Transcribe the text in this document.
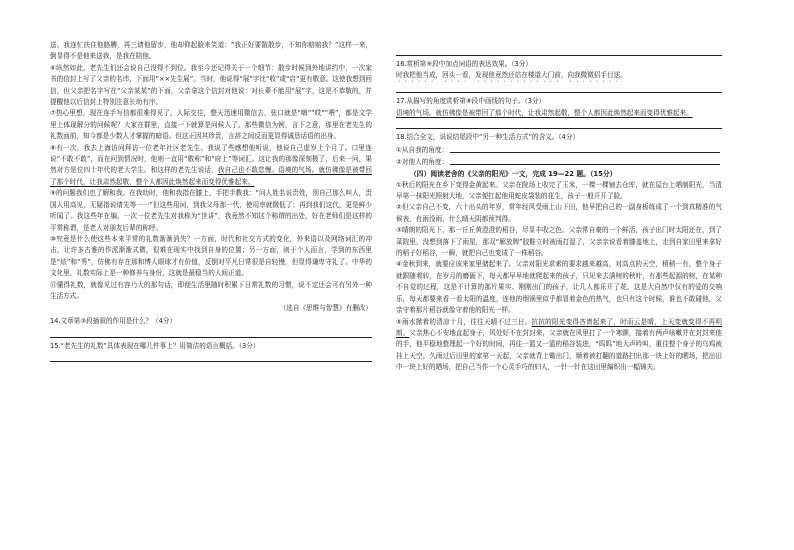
送。我连忙扶住他胳膊，再三请他留步，他却仰起脸来笑道：“我正好要散散步，不知你赔赔我？”这样一来，倒显得不是他来送我，是我在陪他。

⑥纵然如此，老先生们还会说自己没得不到位。我至今还记得关于一个细节：散步时候到外地讲约中，一次家书的信封上写了父亲的名讳，下面用“××先生展”。当时，他说得“展”字比“收”或“启”更有敬意。这使我想到回信，但父亲把名字写在“父亲某某”的下面，父亲拿这个信封对他说：对长辈不能用“展”字，这是不恭敬的，并提醒他以后信封上特别注意长幼有序。

⑦热心里想，现在连手写信都很难得见了，人际交往，整天迅速用微信去，张口就是“嗨”“哎”“喂”，都是文学里上体现解分的问候呢？大家在群里，直接一下就算是问候人了。那些微信为例，言下之意，那里在老先生的礼数面前，知今都是少数人才掌握的暗语。但这正因其珍贵，言辞之间反而更显得诚恳话语的出身。

⑧有一次，我去上海访问拜访一位老年社区老先生。我说了些感想他听说，他说自己虚岁上个月了。口里连说“不敢不敢”，而在问到情况时，他则一直用“敬称”和“府上”等词汇。这让我的那像深刻极了，后来一问，果然对方是位四十年代的老大学生。和这样的老先生说话，我自己也不敢怠慢。语境的气场。就仿佛像是被带回了那个时代，让我肃然起敬，整个人都因此焕然起来而变得优雅起来。

⑨的问题我们也了解和我。在我幼时，他和我指在膝上，手把手教我：“问人姓名说贵姓，别自己那么叫人，贵国人用高见，无疑指说请先等一一”但这些用词，到我父母那一代，使用率就微低了；再到我们这代，更是鲜少听闻了。我这些年在编，一次一位老先生对我称为“世讲”，我竟然不知这个称谓的出处，好在老师们是这样的平常称谓，是老人对朋友后辈的称呼。

⑩究竟是什么使这些本来平常的礼数渐渐消失？一方面，时代和社交方式的变化，外来语以及网络词汇的冲击，让许多古雅的作派渐渐式微，很难在现实中找到自身的位置；另一方面，则于个人而言，学到的东西里是“炫”和“秀”，仿佛有存在那和博人眼球才有价值，反倒对平凡日常很是自轻慢，但显得谦卑守礼了。中华的文化里，礼数实际上是一种修养与身份，这就是最稳当的人间正道。

⑪懂得礼数，就像见过有容乃大的那句话，即便生活里随时积累下日常礼数的习惯，说不定还会可有另外一种生活方式。

（选自《思维与智慧》有删改）

14.文章第③段插叙的作用是什么？（4分）

15.“老先生的礼数”具体表现在哪几件事上？用简洁的语言概括。（3分）

16.赏析第⑨段中加点词语的表达效果。（3分）

时我把他当成，回头一看，发现他竟然还站在楼道大门前，向我微微招手目送。

17.从描写的角度赏析第⑧段中画线的句子。（3分）

语境的气场。就仿佛像是被带回了那个时代，让我肃然起敬，整个人都因此焕然起来而变得优雅起来。

18.结合全文，说说结尾段中“另一种生活方式”的含义。（4分）

①从自我的角度：
②对他人的角度：

（四）阅读老舍的《父亲的阳光》一文，完成 19—22 题。（15分）

①秋后的阳光在乡下变得金黄起来。父亲在院场上收完了玉米，一棵一棵铺去仓库，就在屋台上晒制阳光，当清早第一抹阳光照射大地，父亲便扛起他用蛇皮袋装的花生，孩子一般开开了脸。

②但父亲自己不变，六十出头的年岁，常年经风受雨上山下田，他早把自己的一副身板练成了一个到真精准的气候表，有雨没雨，什么晴天阴都预判得。

③晴朗的阳光下，那一丘丘黄澄澄的稻谷，尽显丰收之色。父亲常自豪的一个鲜活，孩子出门时太阳还在，到了菜院里，没想到落下了雨星，那双“解放牌”胶鞋立时被雨打湿了，父亲亲说看着膝盖地上，走到自家田里来拿好的稻子好稻谷，一瞬，就把自己也变成了一株稻谷。

④金秋到来，就要应该来家里储起来了。父亲对阳光求索的要求越来越高，对高点的天空，稍稍一有，整个身子就跟随着转，在岁月的磨砺下，每天都早早地就爬起来的孩子，只见来去满树的秋叶，有那些起源的树，在某种不自觉的过程，这是不计算的那片果实、刚刚出门的孩子，让几人都乐开了花，这是大自然中仅有的爱的交响乐，每天都要来看一看太阳的温度，连他的烟锅里似乎都冒着金色的热气，也只有这个时候，谁也不敢碰他，父亲守着那片稻谷就像守着他的阳光一样。

⑤雨水掀着的清凉十月，往往天晴不过三日。抗抗的阳光变得吝啬起来了，时而云是晴，上天变就变得不再明朗。父亲焦心不安地直起身子，风处好不在封封来，父亲就在风里打了一个寒颤，接着有两声咳嗽并在封封来他的手，他平稳地整理起一个好的时间，再往一篮又一篮的稻谷装进，“呜呜”地大声吟叫，重往整个身子的乌鸡被挂上天空。久雨过后田里的家第一天起，父亲就背上锄出门，顺着被打翻的道路扫出那一块上好的晒场，把出田中一块上好的晒场，把自己当作一个心灵手巧的妇人，一针一针在这田里编织出一幅锦夫。
